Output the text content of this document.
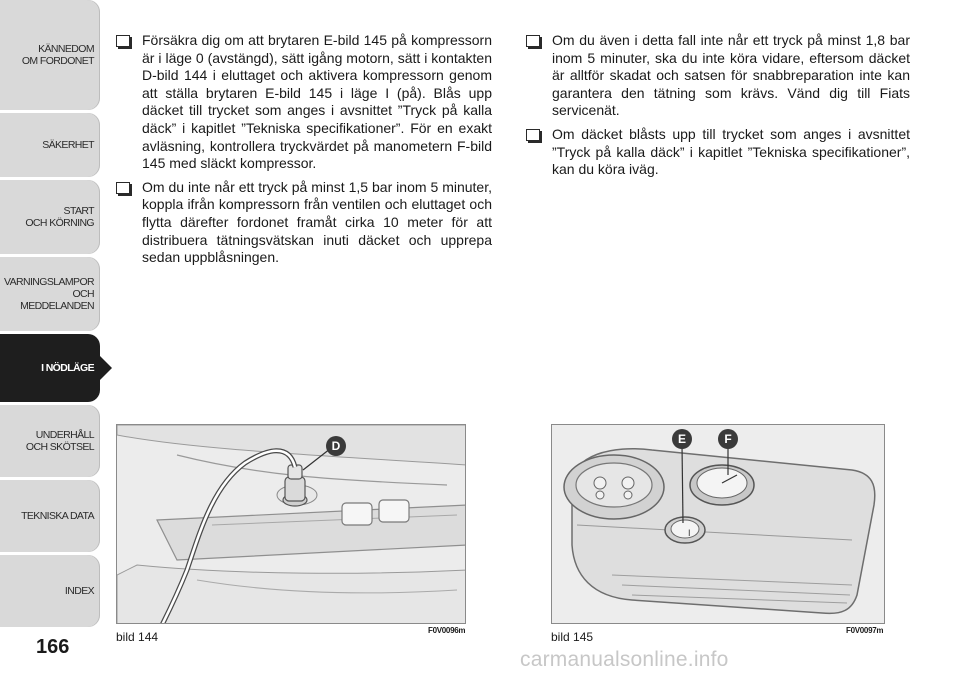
KÄNNEDOM
OM FORDONET
SÄKERHET
START
OCH KÖRNING
VARNINGSLAMPOR
OCH
MEDDELANDEN
I NÖDLÄGE
UNDERHÅLL
OCH SKÖTSEL
TEKNISKA DATA
INDEX
166
Försäkra dig om att brytaren E-bild 145 på kompressorn är i läge 0 (avstängd), sätt igång motorn, sätt i kontakten D-bild 144 i eluttaget och aktivera kompressorn genom att ställa brytaren E-bild 145 i läge I (på). Blås upp däcket till trycket som anges i avsnittet ”Tryck på kalla däck” i kapitlet ”Tekniska specifikationer”. För en exakt avläsning, kontrollera tryckvärdet på manometern F-bild 145 med släckt kompressor.
Om du inte når ett tryck på minst 1,5 bar inom 5 minuter, koppla ifrån kompressorn från ventilen och eluttaget och flytta därefter fordonet framåt cirka 10 meter för att distribuera tätningsvätskan inuti däcket och upprepa sedan uppblåsningen.
Om du även i detta fall inte når ett tryck på minst 1,8 bar inom 5 minuter, ska du inte köra vidare, eftersom däcket är alltför skadat och satsen för snabbreparation inte kan garantera den tätning som krävs. Vänd dig till Fiats servicenät.
Om däcket blåsts upp till trycket som anges i avsnittet ”Tryck på kalla däck” i kapitlet ”Tekniska specifikationer”, kan du köra iväg.
D
bild 144	F0V0096m
I
E	F
bild 145	F0V0097m
carmanualsonline.info
